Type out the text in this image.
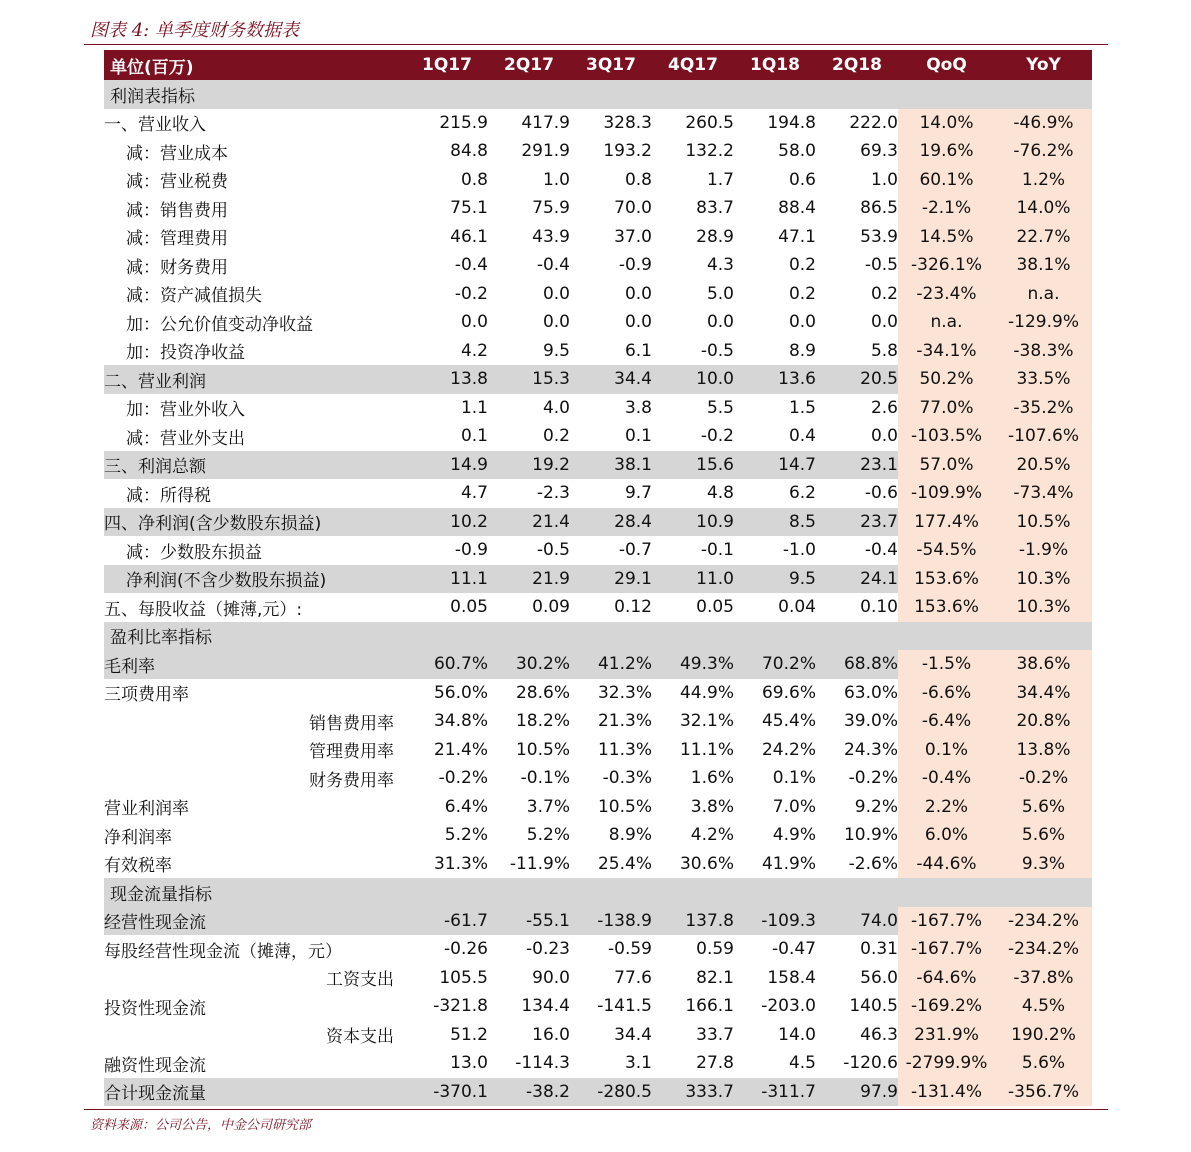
图表 4: 单季度财务数据表
单位(百万)	1Q17	2Q17	3Q17	4Q17	1Q18	2Q18	QoQ	YoY
利润表指标								
一、营业收入	215.9	417.9	328.3	260.5	194.8	222.0	14.0%	-46.9%
减：营业成本	84.8	291.9	193.2	132.2	58.0	69.3	19.6%	-76.2%
减：营业税费	0.8	1.0	0.8	1.7	0.6	1.0	60.1%	1.2%
减：销售费用	75.1	75.9	70.0	83.7	88.4	86.5	-2.1%	14.0%
减：管理费用	46.1	43.9	37.0	28.9	47.1	53.9	14.5%	22.7%
减：财务费用	-0.4	-0.4	-0.9	4.3	0.2	-0.5	-326.1%	38.1%
减：资产减值损失	-0.2	0.0	0.0	5.0	0.2	0.2	-23.4%	n.a.
加：公允价值变动净收益	0.0	0.0	0.0	0.0	0.0	0.0	n.a.	-129.9%
加：投资净收益	4.2	9.5	6.1	-0.5	8.9	5.8	-34.1%	-38.3%
二、营业利润	13.8	15.3	34.4	10.0	13.6	20.5	50.2%	33.5%
加：营业外收入	1.1	4.0	3.8	5.5	1.5	2.6	77.0%	-35.2%
减：营业外支出	0.1	0.2	0.1	-0.2	0.4	0.0	-103.5%	-107.6%
三、利润总额	14.9	19.2	38.1	15.6	14.7	23.1	57.0%	20.5%
减：所得税	4.7	-2.3	9.7	4.8	6.2	-0.6	-109.9%	-73.4%
四、净利润(含少数股东损益)	10.2	21.4	28.4	10.9	8.5	23.7	177.4%	10.5%
减：少数股东损益	-0.9	-0.5	-0.7	-0.1	-1.0	-0.4	-54.5%	-1.9%
净利润(不含少数股东损益)	11.1	21.9	29.1	11.0	9.5	24.1	153.6%	10.3%
五、每股收益（摊薄,元）:	0.05	0.09	0.12	0.05	0.04	0.10	153.6%	10.3%
盈利比率指标								
毛利率	60.7%	30.2%	41.2%	49.3%	70.2%	68.8%	-1.5%	38.6%
三项费用率	56.0%	28.6%	32.3%	44.9%	69.6%	63.0%	-6.6%	34.4%
销售费用率	34.8%	18.2%	21.3%	32.1%	45.4%	39.0%	-6.4%	20.8%
管理费用率	21.4%	10.5%	11.3%	11.1%	24.2%	24.3%	0.1%	13.8%
财务费用率	-0.2%	-0.1%	-0.3%	1.6%	0.1%	-0.2%	-0.4%	-0.2%
营业利润率	6.4%	3.7%	10.5%	3.8%	7.0%	9.2%	2.2%	5.6%
净利润率	5.2%	5.2%	8.9%	4.2%	4.9%	10.9%	6.0%	5.6%
有效税率	31.3%	-11.9%	25.4%	30.6%	41.9%	-2.6%	-44.6%	9.3%
现金流量指标								
经营性现金流	-61.7	-55.1	-138.9	137.8	-109.3	74.0	-167.7%	-234.2%
每股经营性现金流（摊薄，元）	-0.26	-0.23	-0.59	0.59	-0.47	0.31	-167.7%	-234.2%
工资支出	105.5	90.0	77.6	82.1	158.4	56.0	-64.6%	-37.8%
投资性现金流	-321.8	134.4	-141.5	166.1	-203.0	140.5	-169.2%	4.5%
资本支出	51.2	16.0	34.4	33.7	14.0	46.3	231.9%	190.2%
融资性现金流	13.0	-114.3	3.1	27.8	4.5	-120.6	-2799.9%	5.6%
合计现金流量	-370.1	-38.2	-280.5	333.7	-311.7	97.9	-131.4%	-356.7%
资料来源：公司公告，中金公司研究部
